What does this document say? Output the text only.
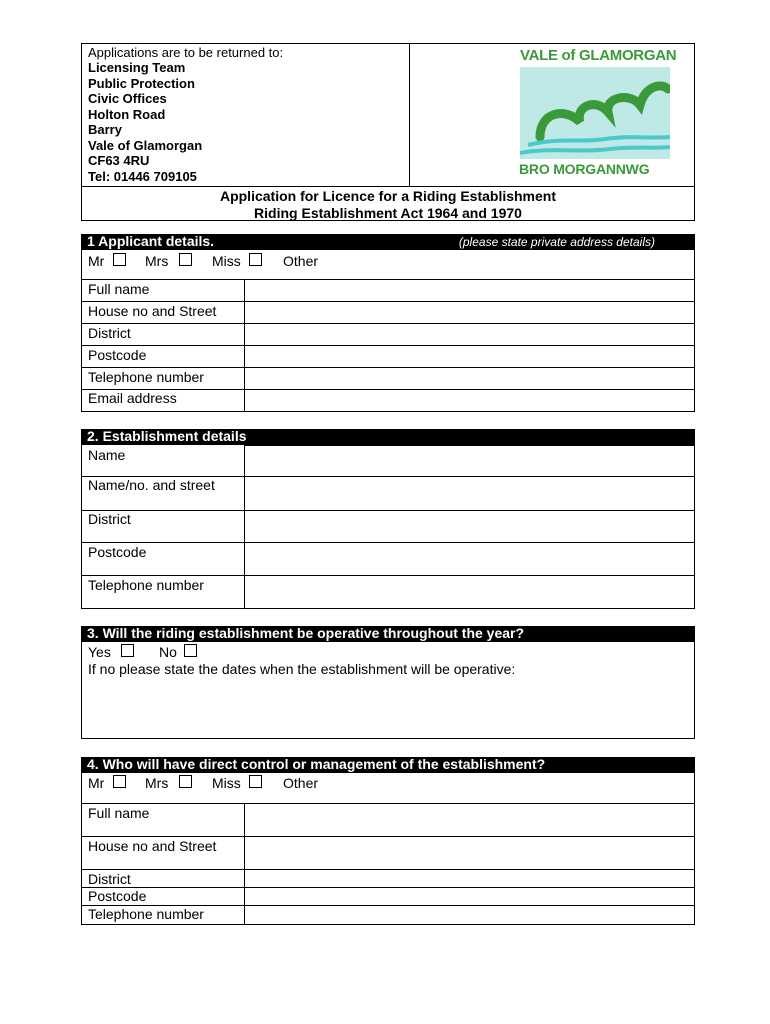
Applications are to be returned to:
Licensing Team
Public Protection
Civic Offices
Holton Road
Barry
Vale of Glamorgan
CF63 4RU
Tel: 01446 709105
VALE of GLAMORGAN
BRO MORGANNWG
Application for Licence for a Riding Establishment
Riding Establishment Act 1964 and 1970
1 Applicant details.	(please state private address details)
Mr	Mrs	Miss	Other
Full name
House no and Street
District
Postcode
Telephone number
Email address
2. Establishment details
Name
Name/no. and street
District
Postcode
Telephone number
3. Will the riding establishment be operative throughout the year?
Yes	No
If no please state the dates when the establishment will be operative:
4. Who will have direct control or management of the establishment?
Mr	Mrs	Miss	Other
Full name
House no and Street
District
Postcode
Telephone number
